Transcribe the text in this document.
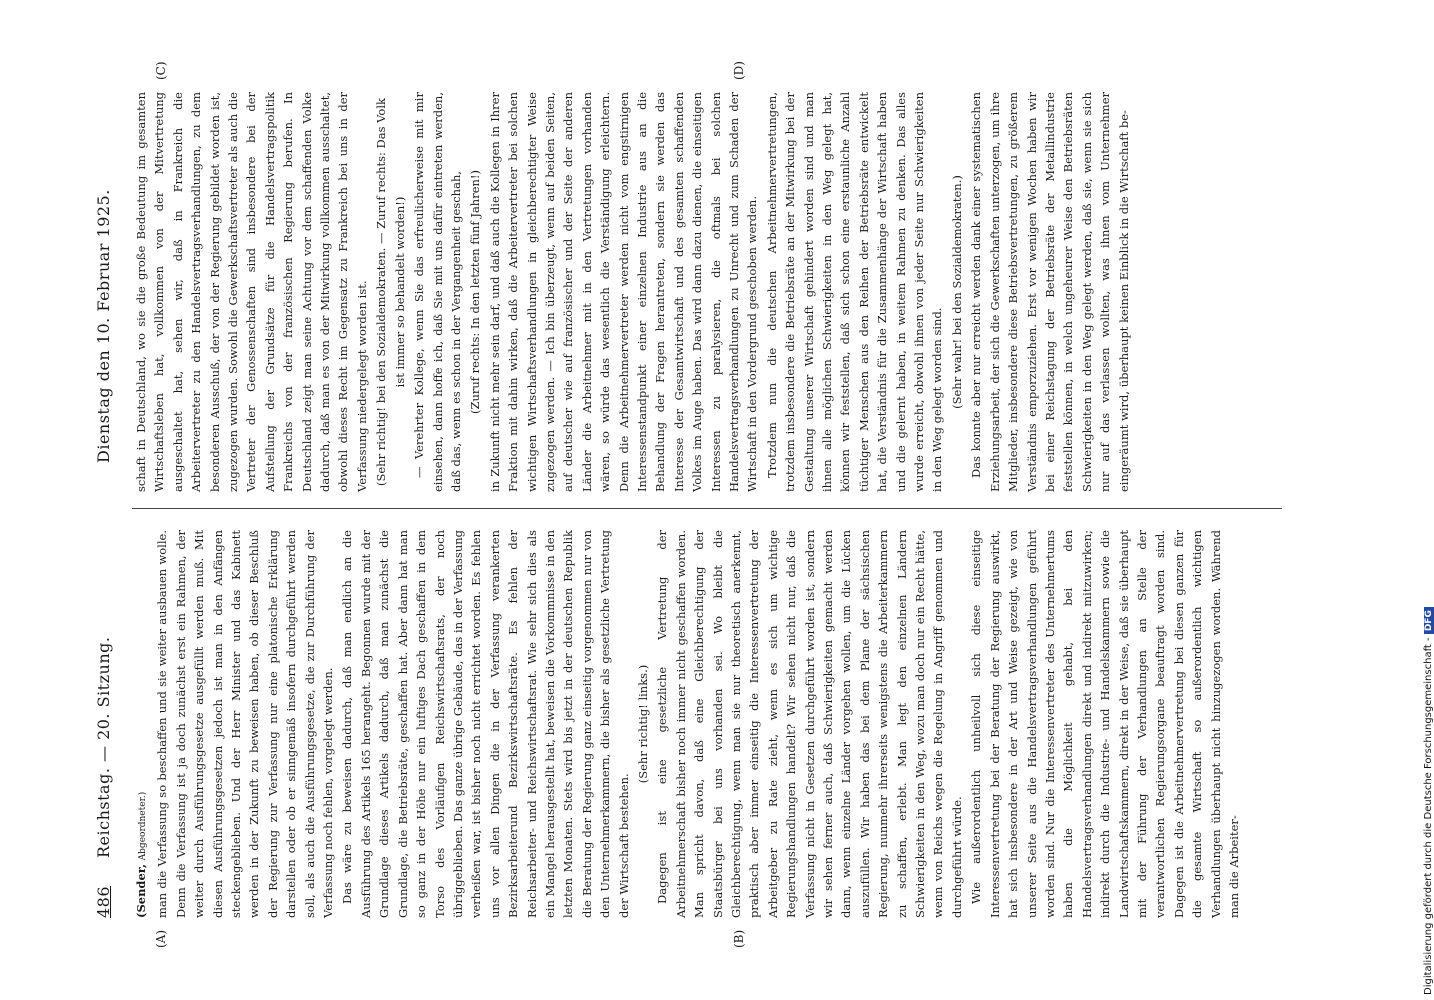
486
Reichstag. — 20. Sitzung.
Dienstag den 10. Februar 1925.
(A)	(B)
(C)	(D)

(Sender, Abgeordneter.) man die Verfassung so beschaffen und sie weiter ausbauen wolle. Denn die Verfassung ist ja doch zunächst erst ein Rahmen, der weiter durch Ausführungsgesetze ausgefüllt werden muß. Mit diesen Ausführungsgesetzen jedoch ist man in den Anfängen steckengeblieben. Und der Herr Minister und das Kabinett werden in der Zukunft zu beweisen haben, ob dieser Beschluß der Regierung zur Verfassung nur eine platonische Erklärung darstellen oder ob er sinngemäß insofern durchgeführt werden soll, als auch die Ausführungsgesetze, die zur Durchführung der Verfassung noch fehlen, vorgelegt werden. Das wäre zu beweisen dadurch, daß man endlich an die Ausführung des Artikels 165 herangeht. Begonnen wurde mit der Grundlage dieses Artikels dadurch, daß man zunächst die Grundlage, die Betriebsräte, geschaffen hat. Aber dann hat man so ganz in der Höhe nur ein luftiges Dach geschaffen in dem Torso des Vorläufigen Reichswirtschaftsrats, der noch übriggeblieben. Das ganze übrige Gebäude, das in der Verfassung verheißen war, ist bisher noch nicht errichtet worden. Es fehlen uns vor allen Dingen die in der Verfassung verankerten Bezirksarbeiterund Bezirkswirtschaftsräte. Es fehlen der Reichsarbeiter- und Reichswirtschaftsrat. Wie sehr sich dies als ein Mangel herausgestellt hat, beweisen die Vorkommnisse in den letzten Monaten. Stets wird bis jetzt in der deutschen Republik die Beratung der Regierung ganz einseitig vorgenommen nur von den Unternehmerkammern, die bisher als gesetzliche Vertretung der Wirtschaft bestehen.

(Sehr richtig! links.) Dagegen ist eine gesetzliche Vertretung der Arbeitnehmerschaft bisher noch immer nicht geschaffen worden. Man spricht davon, daß eine Gleichberechtigung der Staatsbürger bei uns vorhanden sei. Wo bleibt die Gleichberechtigung, wenn man sie nur theoretisch anerkennt, praktisch aber immer einseitig die Interessenvertretung der Arbeitgeber zu Rate zieht, wenn es sich um wichtige Regierungshandlungen handelt? Wir sehen nicht nur, daß die Verfassung nicht in Gesetzen durchgeführt worden ist, sondern wir sehen ferner auch, daß Schwierigkeiten gemacht werden dann, wenn einzelne Länder vorgehen wollen, um die Lücken auszufüllen. Wir haben das bei dem Plane der sächsischen Regierung, nunmehr ihrerseits wenigstens die Arbeiterkammern zu schaffen, erlebt. Man legt den einzelnen Ländern Schwierigkeiten in den Weg, wozu man doch nur ein Recht hätte, wenn von Reichs wegen die Regelung in Angriff genommen und durchgeführt würde. Wie außerordentlich unheilvoll sich diese einseitige Interessenvertretung bei der Beratung der Regierung auswirkt, hat sich insbesondere in der Art und Weise gezeigt, wie von unserer Seite aus die Handelsvertragsverhandlungen geführt worden sind. Nur die Interessenvertreter des Unternehmertums haben die Möglichkeit gehabt, bei den Handelsvertragsverhandlungen direkt und indirekt mitzuwirken; indirekt durch die Industrie- und Handelskammern sowie die Landwirtschaftskammern, direkt in der Weise, daß sie überhaupt mit der Führung der Verhandlungen an Stelle der verantwortlichen Regierungsorgane beauftragt worden sind. Dagegen ist die Arbeitnehmervertretung bei diesen ganzen für die gesamte Wirtschaft so außerordentlich wichtigen Verhandlungen überhaupt nicht hinzugezogen worden. Während man die Arbeiter-

schaft in Deutschland, wo sie die große Bedeutung im gesamten Wirtschaftsleben hat, vollkommen von der Mitvertretung ausgeschaltet hat, sehen wir, daß in Frankreich die Arbeitervertreter zu den Handelsvertragsverhandlungen, zu dem besonderen Ausschuß, der von der Regierung gebildet worden ist, zugezogen wurden. Sowohl die Gewerkschaftsvertreter als auch die Vertreter der Genossenschaften sind insbesondere bei der Aufstellung der Grundsätze für die Handelsvertragspolitik Frankreichs von der französischen Regierung berufen. In Deutschland zeigt man seine Achtung vor dem schaffenden Volke dadurch, daß man es von der Mitwirkung vollkommen ausschaltet, obwohl dieses Recht im Gegensatz zu Frankreich bei uns in der Verfassung niedergelegt worden ist. (Sehr richtig! bei den Sozialdemokraten. — Zuruf rechts: Das Volk ist immer so behandelt worden!) — Verehrter Kollege, wenn Sie das erfreulicherweise mit mir einsehen, dann hoffe ich, daß Sie mit uns dafür eintreten werden, daß das, wenn es schon in der Vergangenheit geschah, (Zuruf rechts: In den letzten fünf Jahren!) in Zukunft nicht mehr sein darf, und daß auch die Kollegen in Ihrer Fraktion mit dahin wirken, daß die Arbeitervertreter bei solchen wichtigen Wirtschaftsverhandlungen in gleichberechtigter Weise zugezogen werden. — Ich bin überzeugt, wenn auf beiden Seiten, auf deutscher wie auf französischer und der Seite der anderen Länder die Arbeitnehmer mit in den Vertretungen vorhanden wären, so würde das wesentlich die Verständigung erleichtern. Denn die Arbeitnehmervertreter werden nicht vom engstirnigen Interessenstandpunkt einer einzelnen Industrie aus an die Behandlung der Fragen herantreten, sondern sie werden das Interesse der Gesamtwirtschaft und des gesamten schaffenden Volkes im Auge haben. Das wird dann dazu dienen, die einseitigen Interessen zu paralysieren, die oftmals bei solchen Handelsvertragsverhandlungen zu Unrecht und zum Schaden der Wirtschaft in den Vordergrund geschoben werden. Trotzdem nun die deutschen Arbeitnehmervertretungen, trotzdem insbesondere die Betriebsräte an der Mitwirkung bei der Gestaltung unserer Wirtschaft gehindert worden sind und man ihnen alle möglichen Schwierigkeiten in den Weg gelegt hat, können wir feststellen, daß sich schon eine erstaunliche Anzahl tüchtiger Menschen aus den Reihen der Betriebsräte entwickelt hat, die Verständnis für die Zusammenhänge der Wirtschaft haben und die gelernt haben, in weitem Rahmen zu denken. Das alles wurde erreicht, obwohl ihnen von jeder Seite nur Schwierigkeiten in den Weg gelegt worden sind. (Sehr wahr! bei den Sozialdemokraten.) Das konnte aber nur erreicht werden dank einer systematischen Erziehungsarbeit, der sich die Gewerkschaften unterzogen, um ihre Mitglieder, insbesondere diese Betriebsvertretungen, zu größerem Verständnis emporzuziehen. Erst vor wenigen Wochen haben wir bei einer Reichstagung der Betriebsräte der Metallindustrie feststellen können, in welch ungeheurer Weise den Betriebsräten Schwierigkeiten in den Weg gelegt werden, daß sie, wenn sie sich nur auf das verlassen wollten, was ihnen vom Unternehmer eingeräumt wird, überhaupt keinen Einblick in die Wirtschaft be-

Digitalisierung gefördert durch die Deutsche Forschungsgemeinschaft - DFG
